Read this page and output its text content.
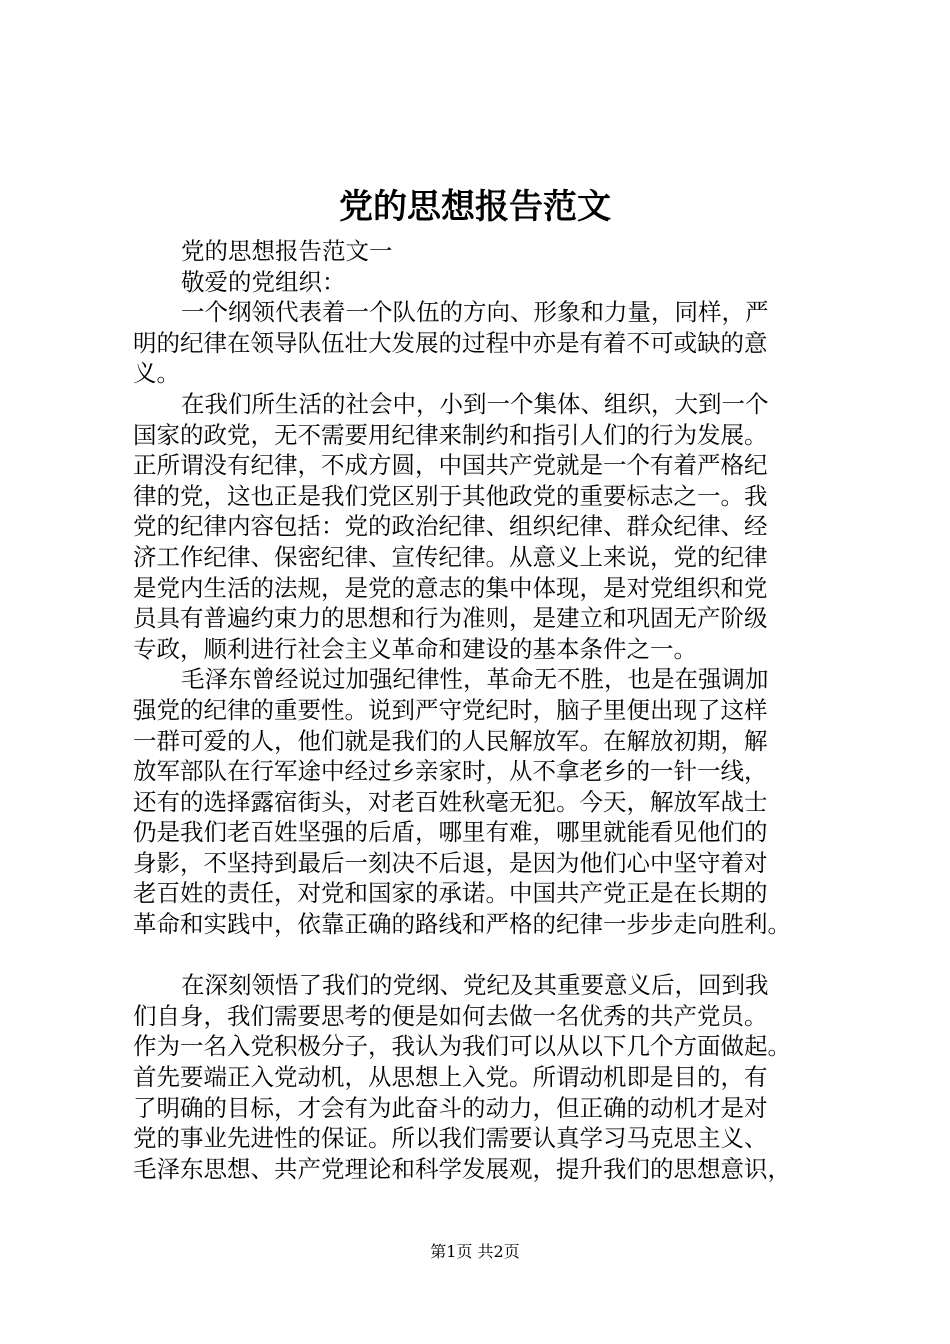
党的思想报告范文
党的思想报告范文一
敬爱的党组织：
一个纲领代表着一个队伍的方向、形象和力量，同样，严
明的纪律在领导队伍壮大发展的过程中亦是有着不可或缺的意
义。
在我们所生活的社会中，小到一个集体、组织，大到一个
国家的政党，无不需要用纪律来制约和指引人们的行为发展。
正所谓没有纪律，不成方圆，中国共产党就是一个有着严格纪
律的党，这也正是我们党区别于其他政党的重要标志之一。我
党的纪律内容包括：党的政治纪律、组织纪律、群众纪律、经
济工作纪律、保密纪律、宣传纪律。从意义上来说，党的纪律
是党内生活的法规，是党的意志的集中体现，是对党组织和党
员具有普遍约束力的思想和行为准则，是建立和巩固无产阶级
专政，顺利进行社会主义革命和建设的基本条件之一。
毛泽东曾经说过加强纪律性，革命无不胜，也是在强调加
强党的纪律的重要性。说到严守党纪时，脑子里便出现了这样
一群可爱的人，他们就是我们的人民解放军。在解放初期，解
放军部队在行军途中经过乡亲家时，从不拿老乡的一针一线，
还有的选择露宿街头，对老百姓秋毫无犯。今天，解放军战士
仍是我们老百姓坚强的后盾，哪里有难，哪里就能看见他们的
身影，不坚持到最后一刻决不后退，是因为他们心中坚守着对
老百姓的责任，对党和国家的承诺。中国共产党正是在长期的
革命和实践中，依靠正确的路线和严格的纪律一步步走向胜利。
在深刻领悟了我们的党纲、党纪及其重要意义后，回到我
们自身，我们需要思考的便是如何去做一名优秀的共产党员。
作为一名入党积极分子，我认为我们可以从以下几个方面做起。
首先要端正入党动机，从思想上入党。所谓动机即是目的，有
了明确的目标，才会有为此奋斗的动力，但正确的动机才是对
党的事业先进性的保证。所以我们需要认真学习马克思主义、
毛泽东思想、共产党理论和科学发展观，提升我们的思想意识，
第1页 共2页
